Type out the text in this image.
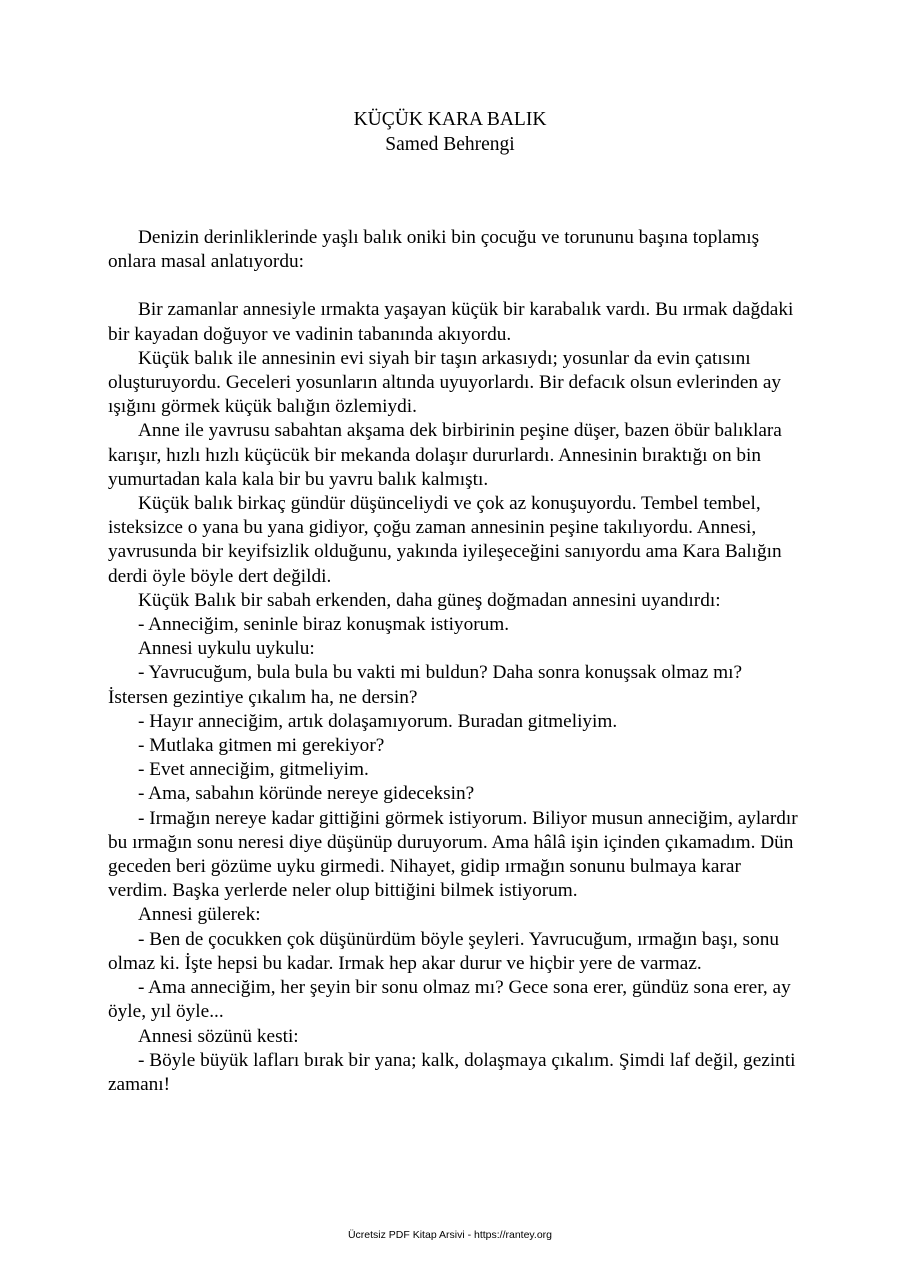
KÜÇÜK KARA BALIK
Samed Behrengi

Denizin derinliklerinde yaşlı balık oniki bin çocuğu ve torununu başına toplamış onlara masal anlatıyordu:

Bir zamanlar annesiyle ırmakta yaşayan küçük bir karabalık vardı. Bu ırmak dağdaki bir kayadan doğuyor ve vadinin tabanında akıyordu.

Küçük balık ile annesinin evi siyah bir taşın arkasıydı; yosunlar da evin çatısını oluşturuyordu. Geceleri yosunların altında uyuyorlardı. Bir defacık olsun evlerinden ay ışığını görmek küçük balığın özlemiydi.

Anne ile yavrusu sabahtan akşama dek birbirinin peşine düşer, bazen öbür balıklara karışır, hızlı hızlı küçücük bir mekanda dolaşır dururlardı. Annesinin bıraktığı on bin yumurtadan kala kala bir bu yavru balık kalmıştı.

Küçük balık birkaç gündür düşünceliydi ve çok az konuşuyordu. Tembel tembel, isteksizce o yana bu yana gidiyor, çoğu zaman annesinin peşine takılıyordu. Annesi, yavrusunda bir keyifsizlik olduğunu, yakında iyileşeceğini sanıyordu ama Kara Balığın derdi öyle böyle dert değildi.

Küçük Balık bir sabah erkenden, daha güneş doğmadan annesini uyandırdı:

- Anneciğim, seninle biraz konuşmak istiyorum.

Annesi uykulu uykulu:

- Yavrucuğum, bula bula bu vakti mi buldun? Daha sonra konuşsak olmaz mı? İstersen gezintiye çıkalım ha, ne dersin?

- Hayır anneciğim, artık dolaşamıyorum. Buradan gitmeliyim.

- Mutlaka gitmen mi gerekiyor?

- Evet anneciğim, gitmeliyim.

- Ama, sabahın köründe nereye gideceksin?

- Irmağın nereye kadar gittiğini görmek istiyorum. Biliyor musun anneciğim, aylardır bu ırmağın sonu neresi diye düşünüp duruyorum. Ama hâlâ işin içinden çıkamadım. Dün geceden beri gözüme uyku girmedi. Nihayet, gidip ırmağın sonunu bulmaya karar verdim. Başka yerlerde neler olup bittiğini bilmek istiyorum.

Annesi gülerek:

- Ben de çocukken çok düşünürdüm böyle şeyleri. Yavrucuğum, ırmağın başı, sonu olmaz ki. İşte hepsi bu kadar. Irmak hep akar durur ve hiçbir yere de varmaz.

- Ama anneciğim, her şeyin bir sonu olmaz mı? Gece sona erer, gündüz sona erer, ay öyle, yıl öyle...

Annesi sözünü kesti:

- Böyle büyük lafları bırak bir yana; kalk, dolaşmaya çıkalım. Şimdi laf değil, gezinti zamanı!

Ücretsiz PDF Kitap Arsivi - https://rantey.org
